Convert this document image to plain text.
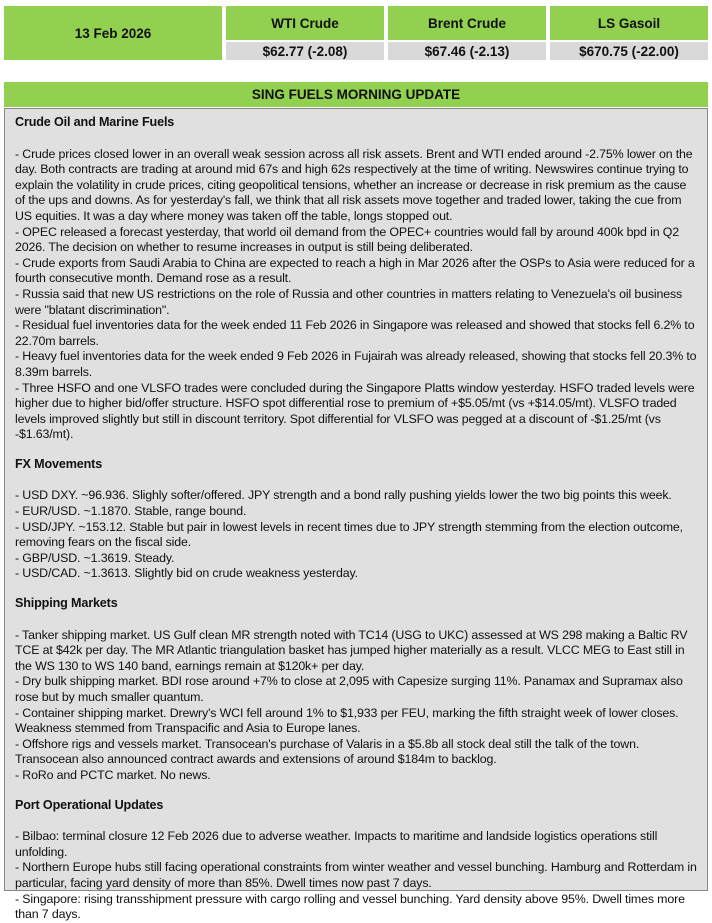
13 Feb 2026
WTI Crude
$62.77 (-2.08)
Brent Crude
$67.46 (-2.13)
LS Gasoil
$670.75 (-22.00)
SING FUELS MORNING UPDATE
Crude Oil and Marine Fuels
- Crude prices closed lower in an overall weak session across all risk assets. Brent and WTI ended around -2.75% lower on the day. Both contracts are trading at around mid 67s and high 62s respectively at the time of writing. Newswires continue trying to explain the volatility in crude prices, citing geopolitical tensions, whether an increase or decrease in risk premium as the cause of the ups and downs. As for yesterday's fall, we think that all risk assets move together and traded lower, taking the cue from US equities. It was a day where money was taken off the table, longs stopped out.
- OPEC released a forecast yesterday, that world oil demand from the OPEC+ countries would fall by around 400k bpd in Q2 2026. The decision on whether to resume increases in output is still being deliberated.
- Crude exports from Saudi Arabia to China are expected to reach a high in Mar 2026 after the OSPs to Asia were reduced for a fourth consecutive month. Demand rose as a result.
- Russia said that new US restrictions on the role of Russia and other countries in matters relating to Venezuela's oil business were "blatant discrimination".
- Residual fuel inventories data for the week ended 11 Feb 2026 in Singapore was released and showed that stocks fell 6.2% to 22.70m barrels.
- Heavy fuel inventories data for the week ended 9 Feb 2026 in Fujairah was already released, showing that stocks fell 20.3% to 8.39m barrels.
- Three HSFO and one VLSFO trades were concluded during the Singapore Platts window yesterday. HSFO traded levels were higher due to higher bid/offer structure. HSFO spot differential rose to premium of +$5.05/mt (vs +$14.05/mt). VLSFO traded levels improved slightly but still in discount territory. Spot differential for VLSFO was pegged at a discount of -$1.25/mt (vs -$1.63/mt).
FX Movements
- USD DXY. ~96.936. Slighly softer/offered. JPY strength and a bond rally pushing yields lower the two big points this week.
- EUR/USD. ~1.1870. Stable, range bound.
- USD/JPY. ~153.12. Stable but pair in lowest levels in recent times due to JPY strength stemming from the election outcome, removing fears on the fiscal side.
- GBP/USD. ~1.3619. Steady.
- USD/CAD. ~1.3613. Slightly bid on crude weakness yesterday.
Shipping Markets
- Tanker shipping market. US Gulf clean MR strength noted with TC14 (USG to UKC) assessed at WS 298 making a Baltic RV TCE at $42k per day. The MR Atlantic triangulation basket has jumped higher materially as a result. VLCC MEG to East still in the WS 130 to WS 140 band, earnings remain at $120k+ per day.
- Dry bulk shipping market. BDI rose around +7% to close at 2,095 with Capesize surging 11%. Panamax and Supramax also rose but by much smaller quantum.
- Container shipping market. Drewry's WCI fell around 1% to $1,933 per FEU, marking the fifth straight week of lower closes. Weakness stemmed from Transpacific and Asia to Europe lanes.
- Offshore rigs and vessels market. Transocean's purchase of Valaris in a $5.8b all stock deal still the talk of the town. Transocean also announced contract awards and extensions of around $184m to backlog.
- RoRo and PCTC market. No news.
Port Operational Updates
- Bilbao: terminal closure 12 Feb 2026 due to adverse weather. Impacts to maritime and landside logistics operations still unfolding.
- Northern Europe hubs still facing operational constraints from winter weather and vessel bunching. Hamburg and Rotterdam in particular, facing yard density of more than 85%. Dwell times now past 7 days.
- Singapore: rising transshipment pressure with cargo rolling and vessel bunching. Yard density above 95%. Dwell times more than 7 days.
